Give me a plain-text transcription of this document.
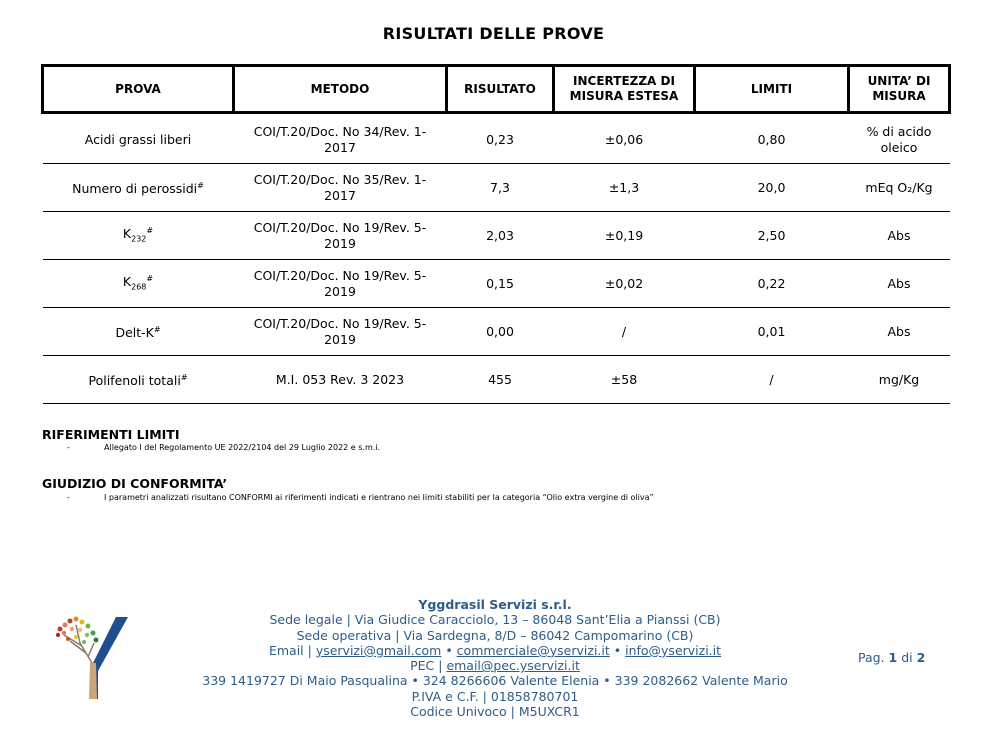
RISULTATI DELLE PROVE
PROVA	METODO	RISULTATO	INCERTEZZA DI MISURA ESTESA	LIMITI	UNITA’ DI MISURA

Acidi grassi liberi	COI/T.20/Doc. No 34/Rev. 1-2017	0,23	±0,06	0,80	% di acido oleico
Numero di perossidi#	COI/T.20/Doc. No 35/Rev. 1-2017	7,3	±1,3	20,0	mEq O₂/Kg
$K_{232}^{\#}$	COI/T.20/Doc. No 19/Rev. 5-2019	2,03	±0,19	2,50	Abs
$K_{268}^{\#}$	COI/T.20/Doc. No 19/Rev. 5-2019	0,15	±0,02	0,22	Abs
Delt-K#	COI/T.20/Doc. No 19/Rev. 5-2019	0,00	/	0,01	Abs
Polifenoli totali#	M.I. 053 Rev. 3 2023	455	±58	/	mg/Kg
RIFERIMENTI LIMITI
-	Allegato I del Regolamento UE 2022/2104 del 29 Luglio 2022 e s.m.i.
GIUDIZIO DI CONFORMITA’
-	I parametri analizzati risultano CONFORMI ai riferimenti indicati e rientrano nei limiti stabiliti per la categoria “Olio extra vergine di oliva”
Yggdrasil Servizi s.r.l.
Sede legale | Via Giudice Caracciolo, 13 – 86048 Sant’Elia a Pianssi (CB)
Sede operativa | Via Sardegna, 8/D – 86042 Campomarino (CB)
Email | yservizi@gmail.com • commerciale@yservizi.it • info@yservizi.it
PEC | email@pec.yservizi.it
339 1419727 Di Maio Pasqualina • 324 8266606 Valente Elenia • 339 2082662 Valente Mario
P.IVA e C.F. | 01858780701
Codice Univoco | M5UXCR1
Pag. 1 di 2
